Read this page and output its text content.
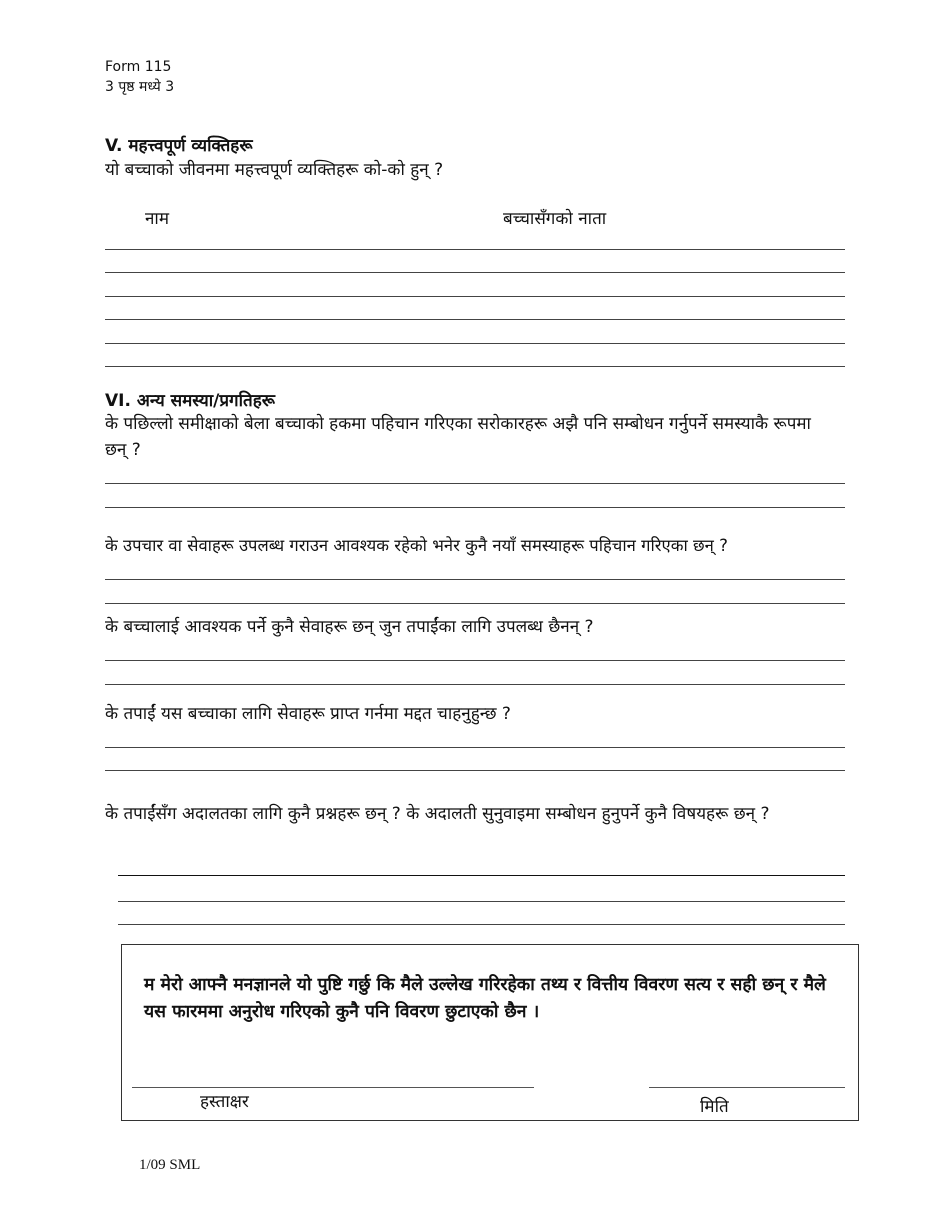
Form 115
3 पृष्ठ मध्ये 3
V. महत्त्वपूर्ण व्यक्तिहरू
यो बच्चाको जीवनमा महत्त्वपूर्ण व्यक्तिहरू को-को हुन् ?
नाम	बच्चासँगको नाता
VI. अन्य समस्या/प्रगतिहरू
के पछिल्लो समीक्षाको बेला बच्चाको हकमा पहिचान गरिएका सरोकारहरू अझै पनि सम्बोधन गर्नुपर्ने समस्याकै रूपमा छन् ?
के उपचार वा सेवाहरू उपलब्ध गराउन आवश्यक रहेको भनेर कुनै नयाँ समस्याहरू पहिचान गरिएका छन् ?
के बच्चालाई आवश्यक पर्ने कुनै सेवाहरू छन् जुन तपाईंका लागि उपलब्ध छैनन् ?
के तपाईं यस बच्चाका लागि सेवाहरू प्राप्त गर्नमा मद्दत चाहनुहुन्छ ?
के तपाईंसँग अदालतका लागि कुनै प्रश्नहरू छन् ? के अदालती सुनुवाइमा सम्बोधन हुनुपर्ने कुनै विषयहरू छन् ?
म मेरो आफ्नै मनज्ञानले यो पुष्टि गर्छु कि मैले उल्लेख गरिरहेका तथ्य र वित्तीय विवरण सत्य र सही छन् र मैले यस फारममा अनुरोध गरिएको कुनै पनि विवरण छुटाएको छैन ।
हस्ताक्षर	मिति
1/09 SML
